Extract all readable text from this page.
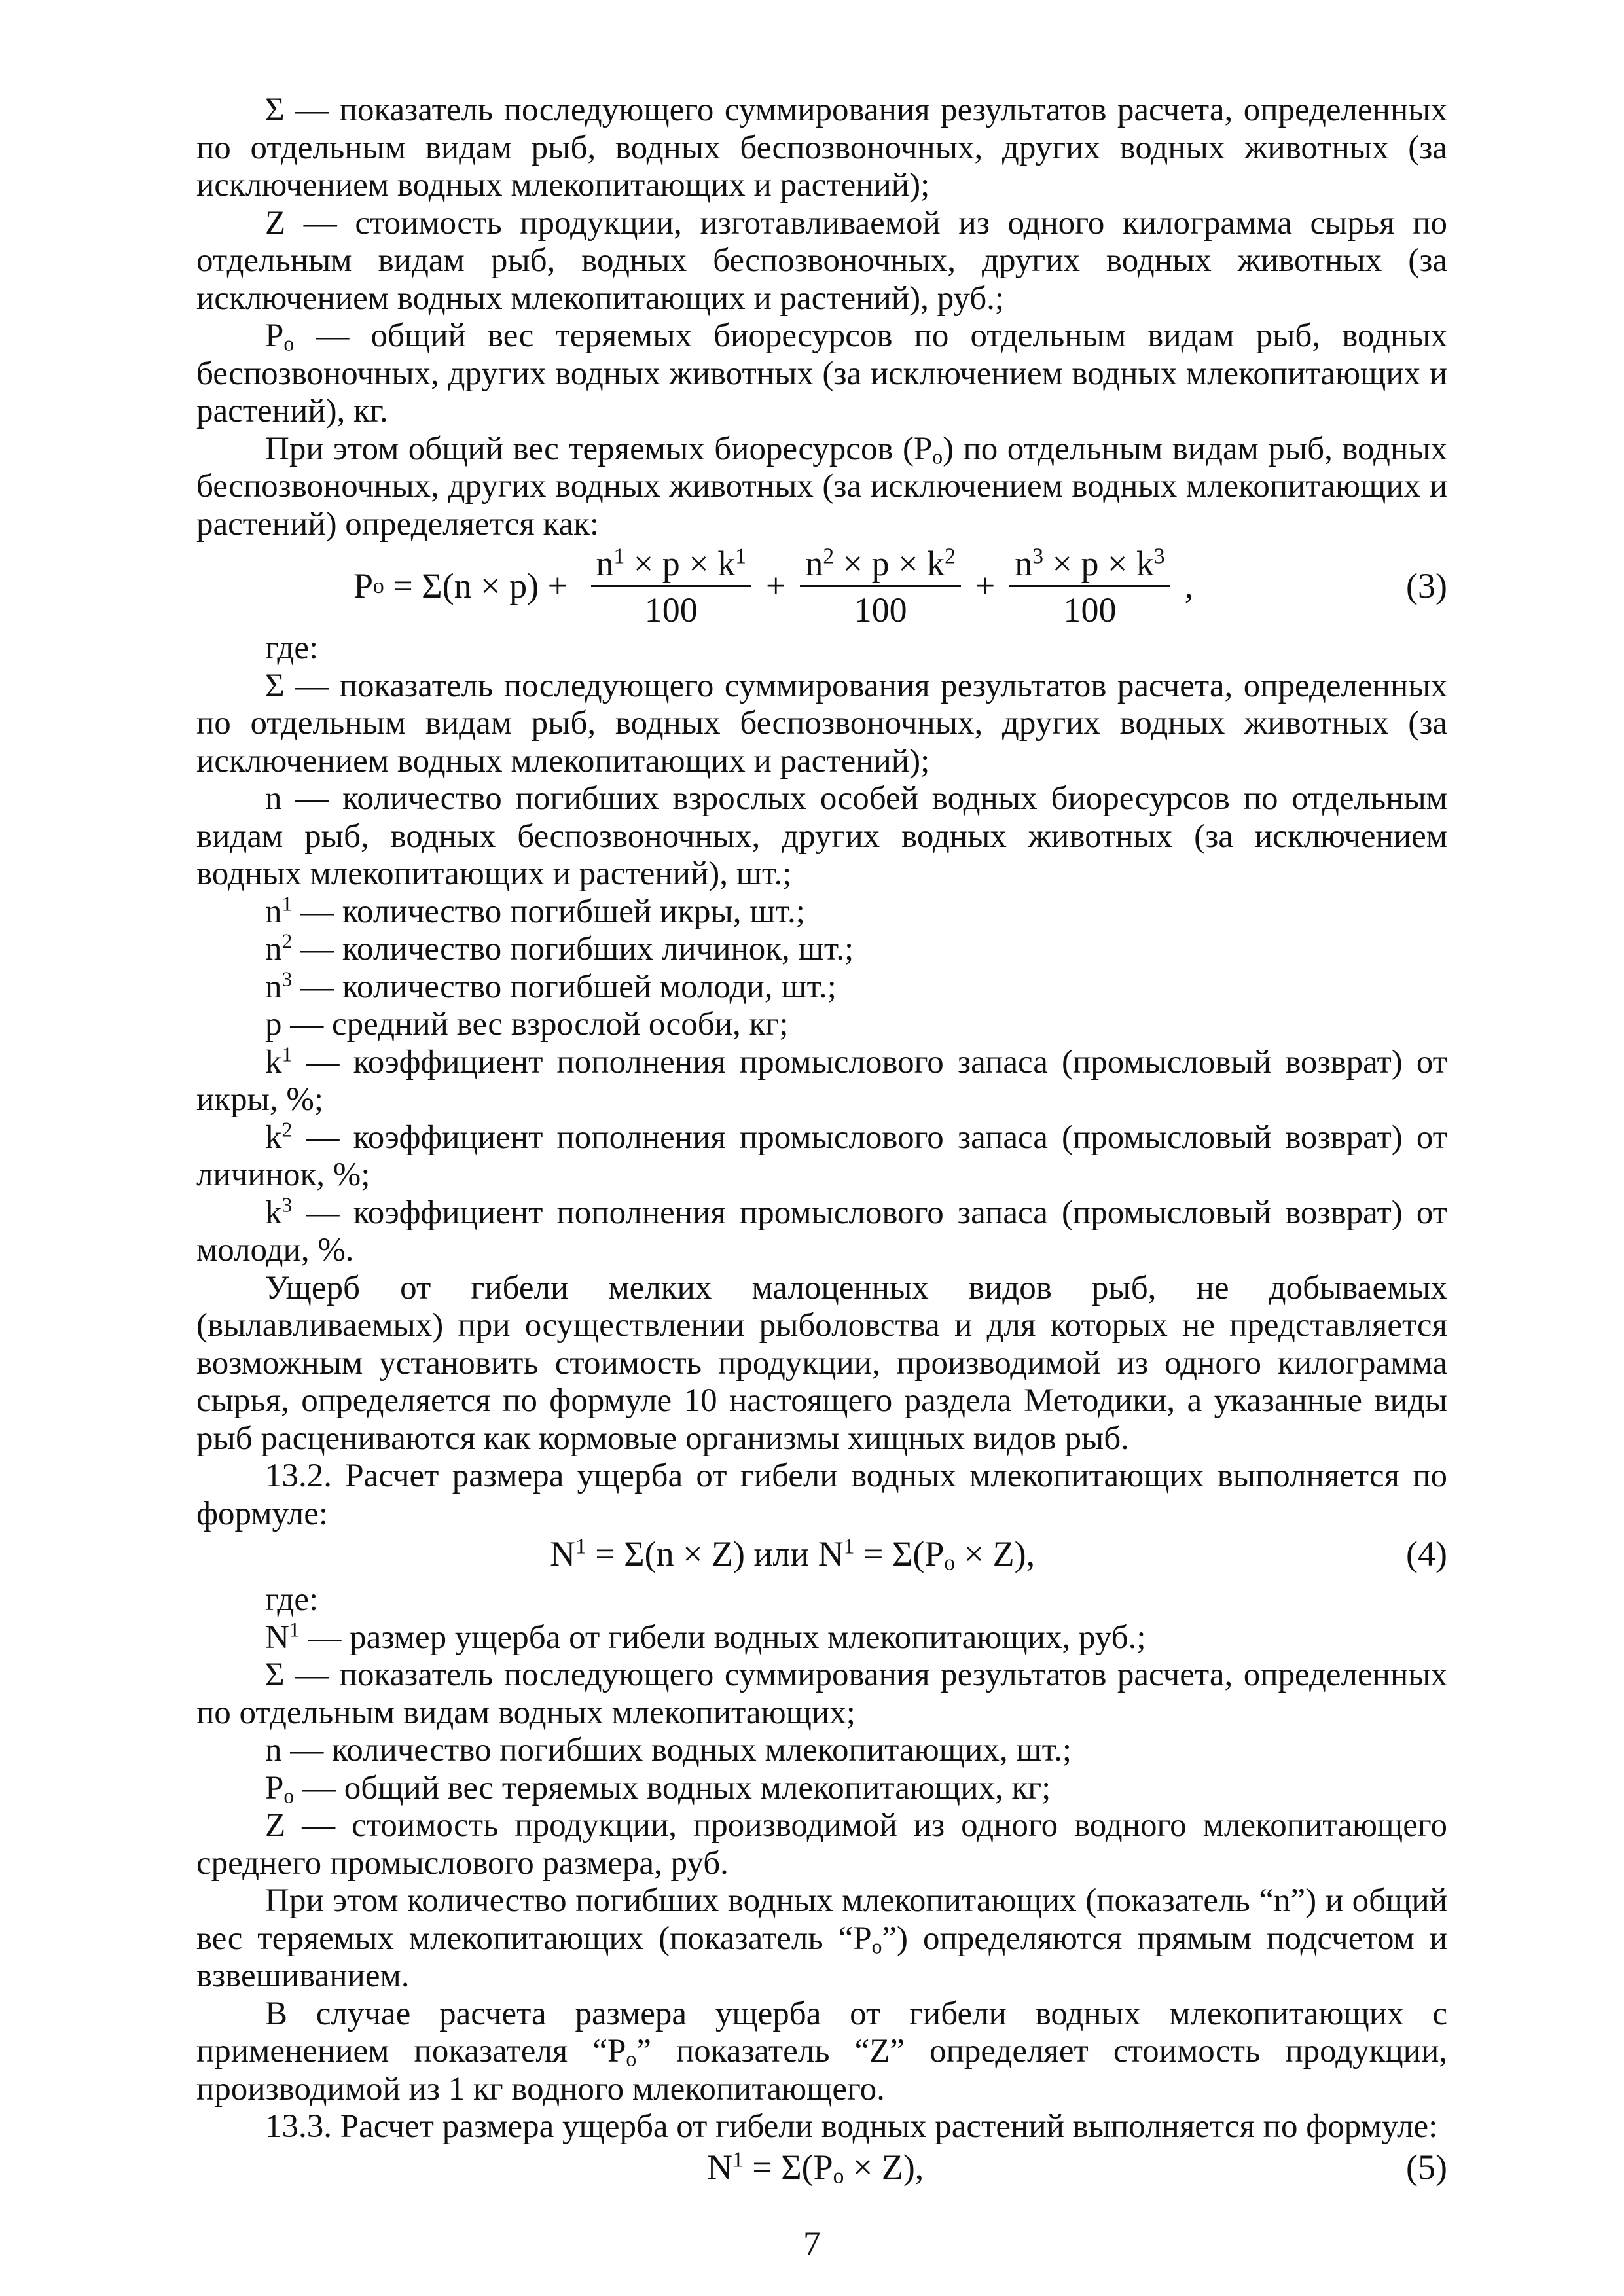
Σ — показатель последующего суммирования результатов расчета, определенных по отдельным видам рыб, водных беспозвоночных, других водных животных (за исключением водных млекопитающих и растений);

Z — стоимость продукции, изготавливаемой из одного килограмма сырья по отдельным видам рыб, водных беспозвоночных, других водных животных (за исключением водных млекопитающих и растений), руб.;

$P_o$ — общий вес теряемых биоресурсов по отдельным видам рыб, водных беспозвоночных, других водных животных (за исключением водных млекопитающих и растений), кг.

При этом общий вес теряемых биоресурсов $(P_o)$ по отдельным видам рыб, водных беспозвоночных, других водных животных (за исключением водных млекопитающих и растений) определяется как:

P $o = \Sigma(n \times p) + \frac{n^1 \times p \times k^1}{100} + \frac{n^2 \times p \times k^2}{100} + \frac{n^3 \times p \times k^3}{100}$ ,	(3)

где:

Σ — показатель последующего суммирования результатов расчета, определенных по отдельным видам рыб, водных беспозвоночных, других водных животных (за исключением водных млекопитающих и растений);

n — количество погибших взрослых особей водных биоресурсов по отдельным видам рыб, водных беспозвоночных, других водных животных (за исключением водных млекопитающих и растений), шт.;

$n^1$ — количество погибшей икры, шт.;

$n^2$ — количество погибших личинок, шт.;

$n^3$ — количество погибшей молоди, шт.;

p — средний вес взрослой особи, кг;

$k^1$ — коэффициент пополнения промыслового запаса (промысловый возврат) от икры, %;

$k^2$ — коэффициент пополнения промыслового запаса (промысловый возврат) от личинок, %;

$k^3$ — коэффициент пополнения промыслового запаса (промысловый возврат) от молоди, %.

Ущерб от гибели мелких малоценных видов рыб, не добываемых (вылавливаемых) при осуществлении рыболовства и для которых не представляется возможным установить стоимость продукции, производимой из одного килограмма сырья, определяется по формуле 10 настоящего раздела Методики, а указанные виды рыб расцениваются как кормовые организмы хищных видов рыб.

13.2. Расчет размера ущерба от гибели водных млекопитающих выполняется по формуле:

$N^1 = \Sigma(n \times Z)$ или $N^1 = \Sigma(P_o \times Z)$,	(4)

где:

$N^1$ — размер ущерба от гибели водных млекопитающих, руб.;

Σ — показатель последующего суммирования результатов расчета, определенных по отдельным видам водных млекопитающих;

n — количество погибших водных млекопитающих, шт.;

$P_o$ — общий вес теряемых водных млекопитающих, кг;

Z — стоимость продукции, производимой из одного водного млекопитающего среднего промыслового размера, руб.

При этом количество погибших водных млекопитающих (показатель “n”) и общий вес теряемых млекопитающих (показатель “$P_o$”) определяются прямым подсчетом и взвешиванием.

В случае расчета размера ущерба от гибели водных млекопитающих с применением показателя “$P_o$” показатель “Z” определяет стоимость продукции, производимой из 1 кг водного млекопитающего.

13.3. Расчет размера ущерба от гибели водных растений выполняется по формуле:

$N^1 = \Sigma(P_o \times Z)$,	(5)
7
